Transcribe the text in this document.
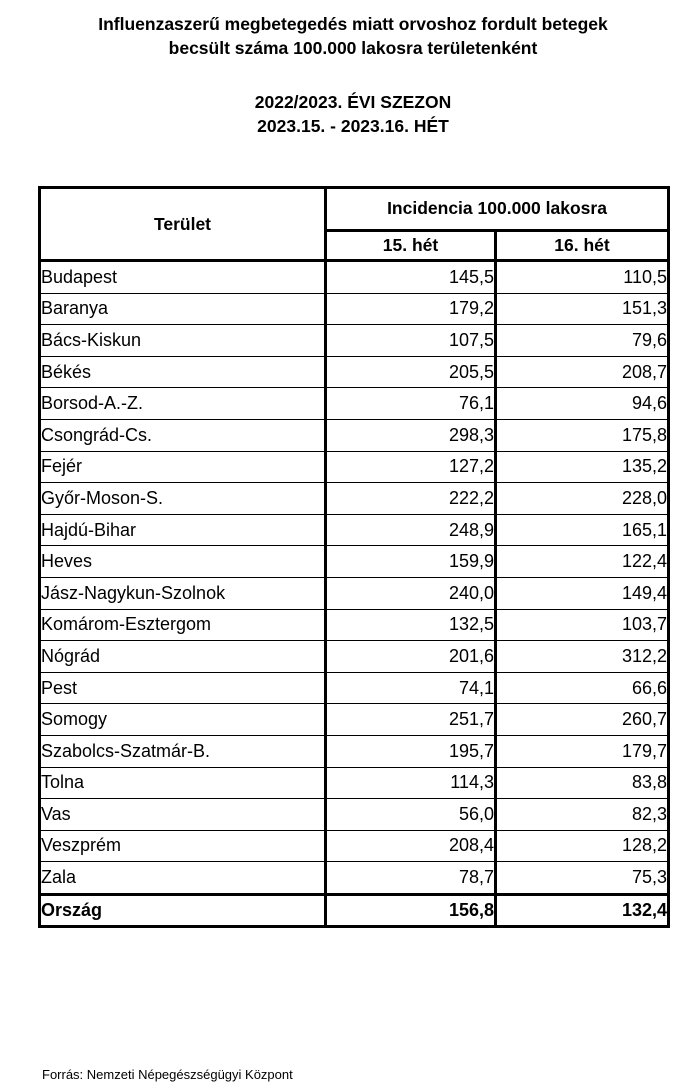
Influenzaszerű megbetegedés miatt orvoshoz fordult betegek
becsült száma 100.000 lakosra területenként
2022/2023. ÉVI SZEZON
2023.15. - 2023.16. HÉT
Terület	Incidencia 100.000 lakosra	
	15. hét	16. hét
Budapest	145,5	110,5
Baranya	179,2	151,3
Bács-Kiskun	107,5	79,6
Békés	205,5	208,7
Borsod-A.-Z.	76,1	94,6
Csongrád-Cs.	298,3	175,8
Fejér	127,2	135,2
Győr-Moson-S.	222,2	228,0
Hajdú-Bihar	248,9	165,1
Heves	159,9	122,4
Jász-Nagykun-Szolnok	240,0	149,4
Komárom-Esztergom	132,5	103,7
Nógrád	201,6	312,2
Pest	74,1	66,6
Somogy	251,7	260,7
Szabolcs-Szatmár-B.	195,7	179,7
Tolna	114,3	83,8
Vas	56,0	82,3
Veszprém	208,4	128,2
Zala	78,7	75,3
Ország	156,8	132,4
Forrás: Nemzeti Népegészségügyi Központ
